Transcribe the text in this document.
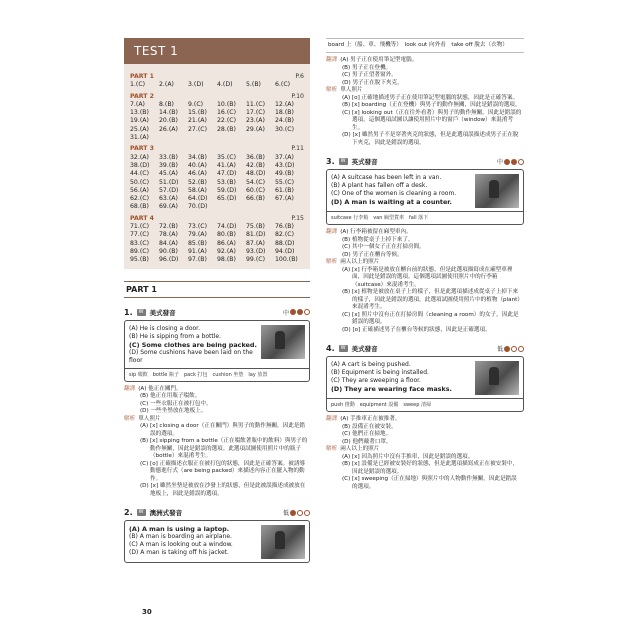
TEST 1
PART 1	P.6
1.(C)	2.(A)	3.(D)	4.(D)	5.(B)	6.(C)
PART 2	P.10
7.(A)	8.(B)	9.(C)	10.(B)	11.(C)	12.(A)
13.(B)	14.(B)	15.(B)	16.(C)	17.(C)	18.(B)
19.(A)	20.(B)	21.(A)	22.(C)	23.(A)	24.(B)
25.(A)	26.(A)	27.(C)	28.(B)	29.(A)	30.(C)
31.(A)
PART 3	P.11
32.(A)	33.(B)	34.(B)	35.(C)	36.(B)	37.(A)
38.(D)	39.(B)	40.(A)	41.(A)	42.(B)	43.(D)
44.(C)	45.(A)	46.(A)	47.(D)	48.(D)	49.(B)
50.(C)	51.(D)	52.(B)	53.(B)	54.(C)	55.(C)
56.(A)	57.(D)	58.(A)	59.(D)	60.(C)	61.(B)
62.(C)	63.(A)	64.(D)	65.(D)	66.(B)	67.(A)
68.(B)	69.(A)	70.(D)
PART 4	P.15
71.(C)	72.(B)	73.(C)	74.(D)	75.(B)	76.(B)
77.(C)	78.(A)	79.(A)	80.(B)	81.(D)	82.(C)
83.(C)	84.(A)	85.(B)	86.(A)	87.(A)	88.(D)
89.(C)	90.(B)	91.(A)	92.(A)	93.(D)	94.(D)
95.(B)	96.(D)	97.(B)	98.(B)	99.(C)	100.(B)
PART 1
1.	W 美式發音	中
(A) He is closing a door.
(B) He is sipping from a bottle.
(C) Some clothes are being packed.
(D) Some cushions have been laid on the floor
sip 啜飲　bottle 瓶子　pack 打包　cushion 坐墊　lay 放置
翻譯 (A) 他正在關門。
(B) 他正在用瓶子啜飲。
(C) 一些衣服正在被打包中。
(D) 一些坐墊放在地板上。
解析 單人照片
(A) [x] closing a door（正在關門）與男子的動作無關，因此是錯誤的選項。
(B) [x] sipping from a bottle（正在啜飲著瓶中的飲料）與男子的動作無關，因此是錯誤的選項。此選項試圖使用照片中的瓶子（bottle）來混淆考生。
(C) [o] 正確描述衣服正在被打包的狀態，因此是正確答案。被誘導動態進行式（are being packed）來描述內容正在擺入物的動作。
(D) [x] 雖然坐墊是被放在沙發上的狀態，但是此被誤描述成被放在地板上，因此是錯誤的選項。
2.	W 澳洲式發音	低
(A) A man is using a laptop.
(B) A man is boarding an airplane.
(C) A man is looking out a window.
(D) A man is taking off his jacket.
board 上（船、車、飛機等）　look out 向外看　take off 脫去（衣物）
翻譯 (A) 男子正在使用筆記型電腦。
(B) 男子正在登機。
(C) 男子正望著窗外。
(D) 男子正在脫下夾克。
解析 單人照片
(A) [o] 正確地描述男子正在使用筆記型電腦的狀態，因此是正確答案。
(B) [x] boarding（正在登機）與男子的動作無關，因此是錯誤的選項。
(C) [x] looking out（正在往外看著）與男子的動作無關。因此是錯誤的選項。這個選項試圖以讓使用照片中的窗戶（window）來混淆考生。
(D) [x] 雖然男子不是穿著夾克的狀態，但是此選項誤描述成男子正在脫下夾克，因此是錯誤的選項。
3.	W 英式發音	中
(A) A suitcase has been left in a van.
(B) A plant has fallen off a desk.
(C) One of the women is cleaning a room.
(D) A man is waiting at a counter.
suitcase 行李箱　van 廂型貨車　fall 落下
翻譯 (A) 行李箱被留在廂型車內。
(B) 植物從桌子上掉下來了。
(C) 其中一個女子正在打掃房間。
(D) 男子正在櫃台等候。
解析 兩人以上的照片
(A) [x] 行李箱是被放在櫃台前的狀態，但是此選項描寫成在廂型車裡面，因此是錯誤的選項。這個選項試圖使用照片中的行李箱（suitcase）來混淆考生。
(B) [x] 植物是被放在桌子上的樣子，但是此選項描述成從桌子上掉下來的樣子，因此是錯誤的選項。此選項試圖使用照片中的植物（plant）來混淆考生。
(C) [x] 照片中沒有正在打掃房間（cleaning a room）的女子，因此是錯誤的選項。
(D) [o] 正確描述男子在櫃台等候的狀態，因此是正確選項。
4.	W 美式發音	低
(A) A cart is being pushed.
(B) Equipment is being installed.
(C) They are sweeping a floor.
(D) They are wearing face masks.
push 推動　equipment 設備　sweep 清掃
翻譯 (A) 手推車正在被推著。
(B) 設備正在被安裝。
(C) 他們正在掃地。
(D) 他們戴著口罩。
解析 兩人以上的照片
(A) [x] 因為照片中沒有手推車，因此是錯誤的選項。
(B) [x] 設備是已經被安裝好的狀態，但是此選項描寫成正在被安裝中，因此是錯誤的選項。
(C) [x] sweeping（正在掃地）與照片中的人物動作無關，因此是錯誤的選項。
30
